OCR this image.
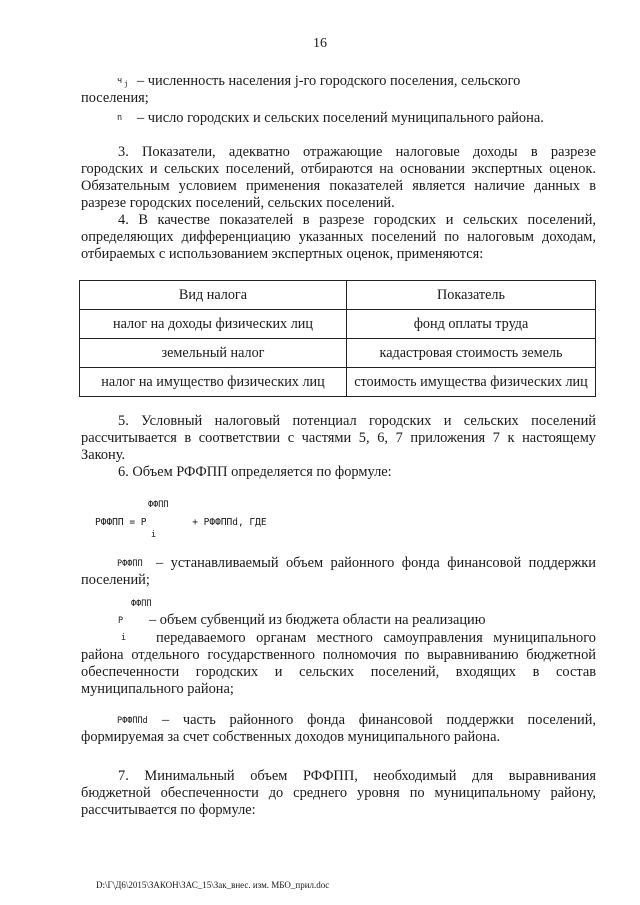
16
ч j – численность населения j-го городского поселения, сельского
поселения;
n – число городских и сельских поселений муниципального района.
3. Показатели, адекватно отражающие налоговые доходы в разрезе
городских и сельских поселений, отбираются на основании экспертных оценок.
Обязательным условием применения показателей является наличие данных в
разрезе городских поселений, сельских поселений.
4. В качестве показателей в разрезе городских и сельских поселений,
определяющих дифференциацию указанных поселений по налоговым доходам,
отбираемых с использованием экспертных оценок, применяются:
Вид налога	Показатель
налог на доходы физических лиц	фонд оплаты труда
земельный налог	кадастровая стоимость земель
налог на имущество физических лиц	стоимость имущества физических лиц
5. Условный налоговый потенциал городских и сельских поселений
рассчитывается в соответствии с частями 5, 6, 7 приложения 7 к настоящему
Закону.
6. Объем РФФПП определяется по формуле:
ФФПП
РФФПП = Р        + РФФППd, ГДЕ
i
РФФПП – устанавливаемый объем районного фонда финансовой поддержки
поселений;
ФФПП
Р
i
– объем субвенций из бюджета области на реализацию
передаваемого органам местного самоуправления муниципального
района отдельного государственного полномочия по выравниванию бюджетной
обеспеченности городских и сельских поселений, входящих в состав
муниципального района;
РФФППd – часть районного фонда финансовой поддержки поселений,
формируемая за счет собственных доходов муниципального района.
7. Минимальный объем РФФПП, необходимый для выравнивания
бюджетной обеспеченности до среднего уровня по муниципальному району,
рассчитывается по формуле:
D:\Г\Д6\2015\ЗАКОН\ЗАС_15\Зак_внес. изм. МБО_прил.doc
